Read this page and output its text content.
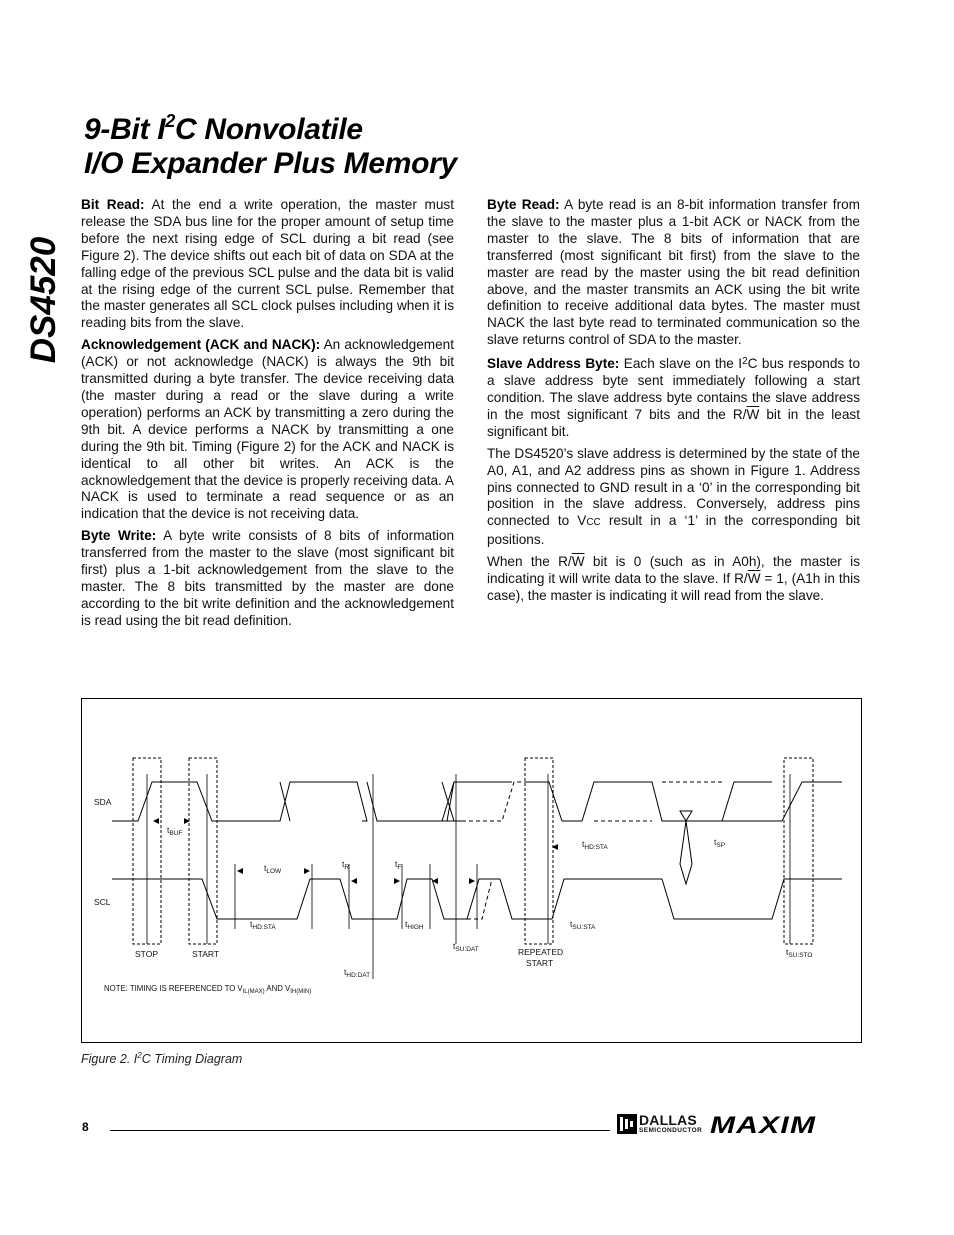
9-Bit $I^2C$ Nonvolatile
I/O Expander Plus Memory
DS4520

Bit Read: At the end a write operation, the master must release the SDA bus line for the proper amount of setup time before the next rising edge of SCL during a bit read (see Figure 2). The device shifts out each bit of data on SDA at the falling edge of the previous SCL pulse and the data bit is valid at the rising edge of the current SCL pulse. Remember that the master generates all SCL clock pulses including when it is reading bits from the slave.

Acknowledgement (ACK and NACK): An acknowledgement (ACK) or not acknowledge (NACK) is always the 9th bit transmitted during a byte transfer. The device receiving data (the master during a read or the slave during a write operation) performs an ACK by transmitting a zero during the 9th bit. A device performs a NACK by transmitting a one during the 9th bit. Timing (Figure 2) for the ACK and NACK is identical to all other bit writes. An ACK is the acknowledgement that the device is properly receiving data. A NACK is used to terminate a read sequence or as an indication that the device is not receiving data.

Byte Write: A byte write consists of 8 bits of information transferred from the master to the slave (most significant bit first) plus a 1-bit acknowledgement from the slave to the master. The 8 bits transmitted by the master are done according to the bit write definition and the acknowledgement is read using the bit read definition.

Byte Read: A byte read is an 8-bit information transfer from the slave to the master plus a 1-bit ACK or NACK from the master to the slave. The 8 bits of information that are transferred (most significant bit first) from the slave to the master are read by the master using the bit read definition above, and the master transmits an ACK using the bit write definition to receive additional data bytes. The master must NACK the last byte read to terminated communication so the slave returns control of SDA to the master.

Slave Address Byte: Each slave on the $I^2C$ bus responds to a slave address byte sent immediately following a start condition. The slave address byte contains the slave address in the most significant 7 bits and the $R/\overline{W}$ bit in the least significant bit.

The DS4520’s slave address is determined by the state of the A0, A1, and A2 address pins as shown in Figure 1. Address pins connected to GND result in a ‘0’ in the corresponding bit position in the slave address. Conversely, address pins connected to VCC result in a ‘1’ in the corresponding bit positions.

When the $R/\overline{W}$ bit is 0 (such as in A0h), the master is indicating it will write data to the slave. If $R/\overline{W} = 1$, (A1h in this case), the master is indicating it will read from the slave.

SDA
SCL
STOP	START	REPEATED
START
$t_{BUF}$
$t_{LOW}$
$t_R$	$t_F$
$t_{HD:STA}$	$t_{HIGH}$
$t_{SU:DAT}$
$t_{HD:DAT}$
$t_{HD:STA}$
$t_{SU:STA}$
$t_{SP}$
$t_{SU:STO}$
NOTE: TIMING IS REFERENCED TO $V_{IL(MAX)}$ AND $V_{IH(MIN)}$
Figure 2. $I^2C$ Timing Diagram
8	DALLAS
SEMICONDUCTOR MAXIM
